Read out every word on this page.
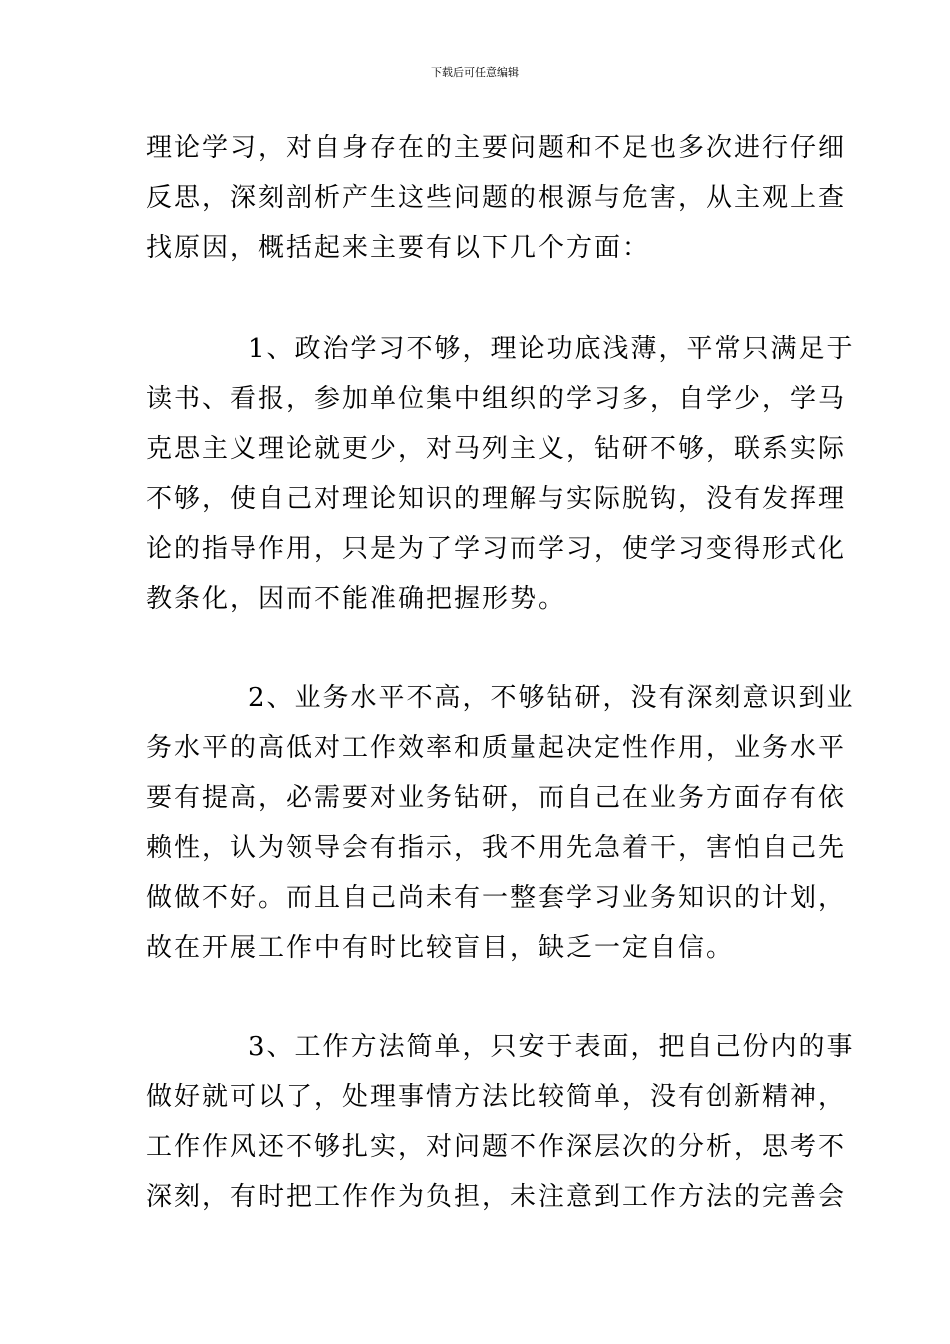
下载后可任意编辑
理论学习，对自身存在的主要问题和不足也多次进行仔细
反思，深刻剖析产生这些问题的根源与危害，从主观上查
找原因，概括起来主要有以下几个方面：
1、政治学习不够，理论功底浅薄，平常只满足于
读书、看报，参加单位集中组织的学习多，自学少，学马
克思主义理论就更少，对马列主义，钻研不够，联系实际
不够，使自己对理论知识的理解与实际脱钩，没有发挥理
论的指导作用，只是为了学习而学习，使学习变得形式化
教条化，因而不能准确把握形势。
2、业务水平不高，不够钻研，没有深刻意识到业
务水平的高低对工作效率和质量起决定性作用，业务水平
要有提高，必需要对业务钻研，而自己在业务方面存有依
赖性，认为领导会有指示，我不用先急着干，害怕自己先
做做不好。而且自己尚未有一整套学习业务知识的计划，
故在开展工作中有时比较盲目，缺乏一定自信。
3、工作方法简单，只安于表面，把自己份内的事
做好就可以了，处理事情方法比较简单，没有创新精神，
工作作风还不够扎实，对问题不作深层次的分析，思考不
深刻，有时把工作作为负担，未注意到工作方法的完善会
